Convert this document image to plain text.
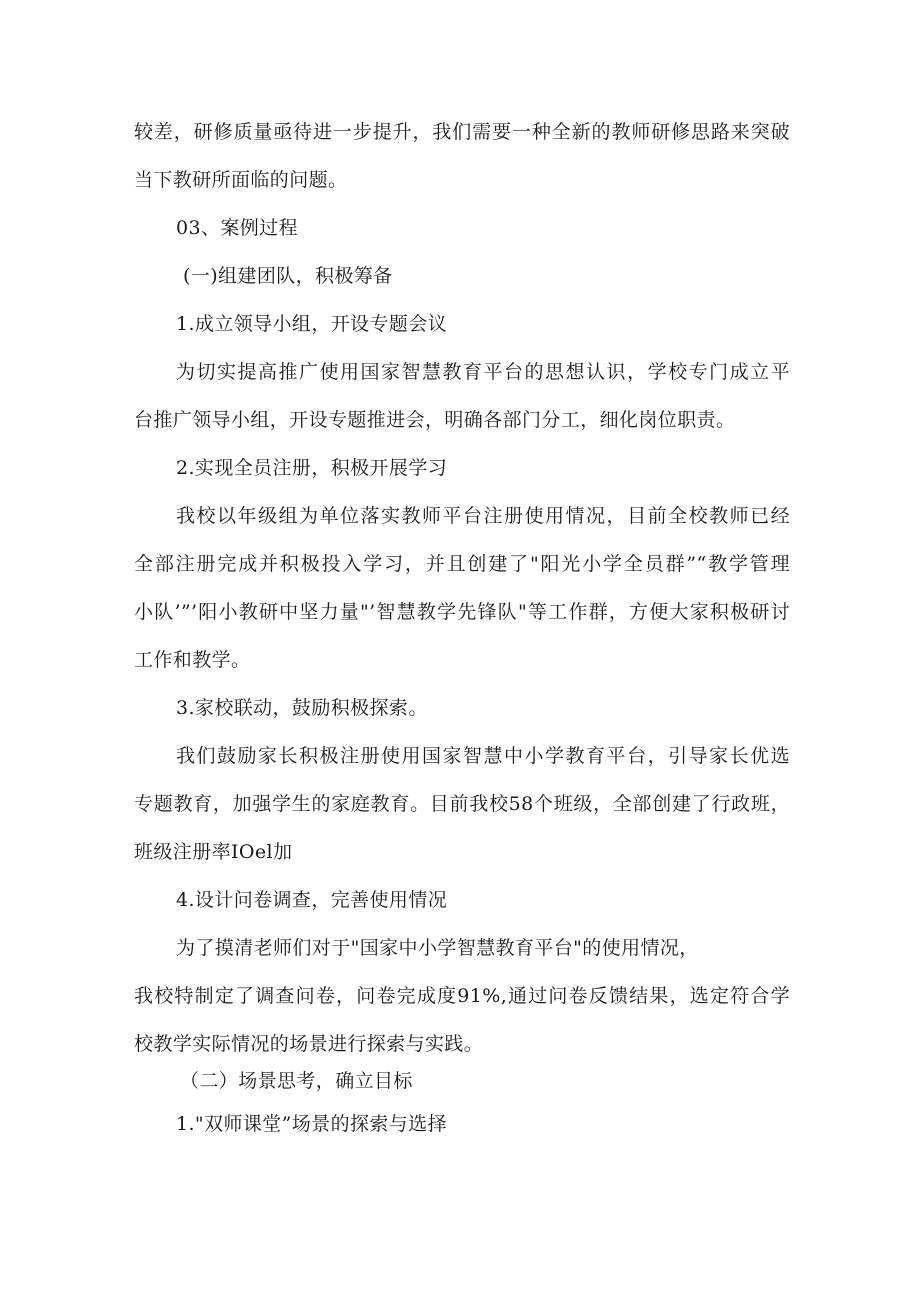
较差，研修质量亟待进一步提升，我们需要一种全新的教师研修思路来突破
当下教研所面临的问题。
03、案例过程
(一)组建团队，积极筹备
1.成立领导小组，开设专题会议
为切实提高推广使用国家智慧教育平台的思想认识，学校专门成立平
台推广领导小组，开设专题推进会，明确各部门分工，细化岗位职责。
2.实现全员注册，积极开展学习
我校以年级组为单位落实教师平台注册使用情况，目前全校教师已经
全部注册完成并积极投入学习，并且创建了"阳光小学全员群”“教学管理
小队’”’阳小教研中坚力量"’智慧教学先锋队"等工作群，方便大家积极研讨
工作和教学。
3.家校联动，鼓励积极探索。
我们鼓励家长积极注册使用国家智慧中小学教育平台，引导家长优选
专题教育，加强学生的家庭教育。目前我校58个班级，全部创建了行政班，
班级注册率IOel加
4.设计问卷调查，完善使用情况
为了摸清老师们对于"国家中小学智慧教育平台"的使用情况，
我校特制定了调查问卷，问卷完成度91%,通过问卷反馈结果，选定符合学
校教学实际情况的场景进行探索与实践。
（二）场景思考，确立目标
1."双师课堂”场景的探索与选择
